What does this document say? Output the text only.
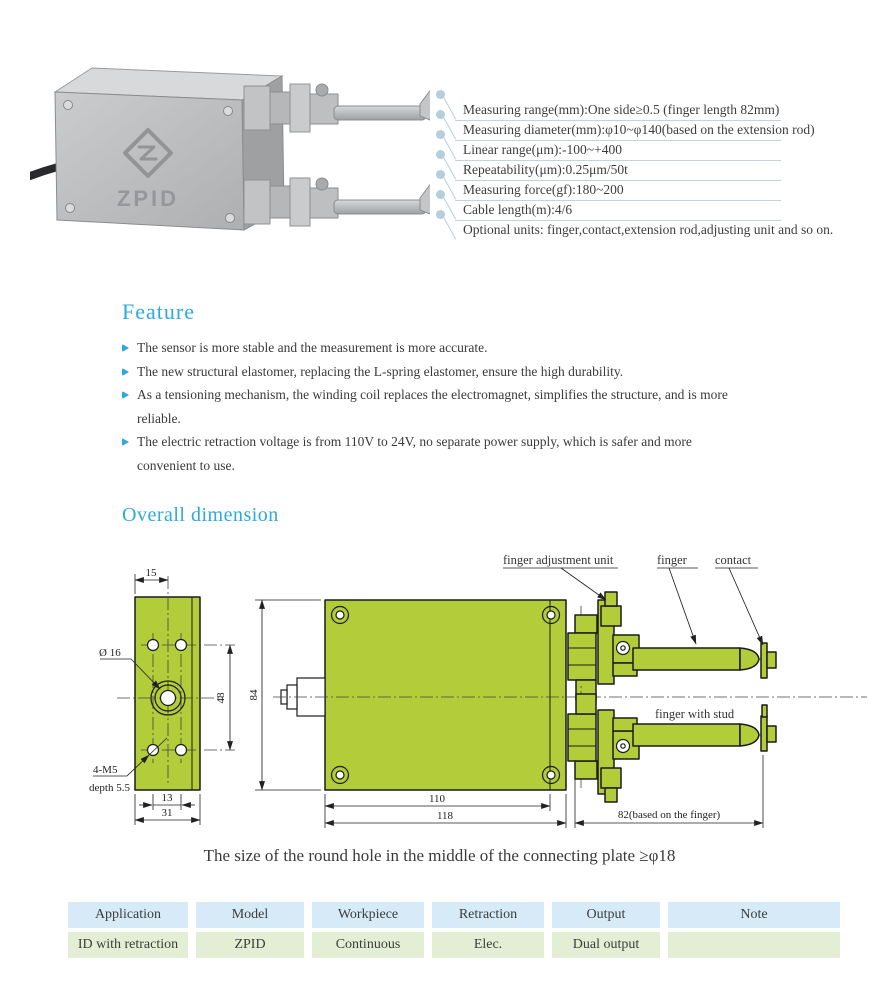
ZPID
Measuring range(mm):One side≥0.5 (finger length 82mm)
Measuring diameter(mm):φ10~φ140(based on the extension rod)
Linear range(μm):-100~+400
Repeatability(μm):0.25μm/50t
Measuring force(gf):180~200
Cable length(m):4/6
Optional units: finger,contact,extension rod,adjusting unit and so on.
Feature
The sensor is more stable and the measurement is more accurate.
The new structural elastomer, replacing the L-spring elastomer, ensure the high durability.
As a tensioning mechanism, the winding coil replaces the electromagnet, simplifies the structure, and is more reliable.
The electric retraction voltage is from 110V to 24V, no separate power supply, which is safer and more convenient to use.
Overall dimension
15
48
Ø 16
4-M5
depth 5.5
13
31
84
110
118	82(based on the finger)
finger adjustment unit	finger contact
finger with stud
The size of the round hole in the middle of the connecting plate ≥φ18
Application	Model	Workpiece	Retraction	Output	Note
ID with retraction	ZPID	Continuous	Elec.	Dual output	
